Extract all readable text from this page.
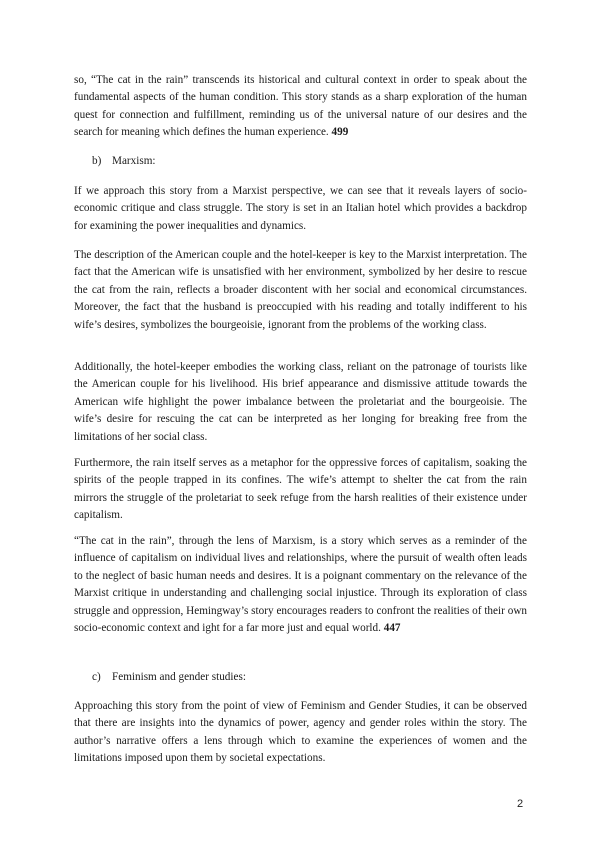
so, “The cat in the rain” transcends its historical and cultural context in order to speak about the fundamental aspects of the human condition. This story stands as a sharp exploration of the human quest for connection and fulfillment, reminding us of the universal nature of our desires and the search for meaning which defines the human experience. 499

b) Marxism:

If we approach this story from a Marxist perspective, we can see that it reveals layers of socio-economic critique and class struggle. The story is set in an Italian hotel which provides a backdrop for examining the power inequalities and dynamics.

The description of the American couple and the hotel-keeper is key to the Marxist interpretation. The fact that the American wife is unsatisfied with her environment, symbolized by her desire to rescue the cat from the rain, reflects a broader discontent with her social and economical circumstances. Moreover, the fact that the husband is preoccupied with his reading and totally indifferent to his wife’s desires, symbolizes the bourgeoisie, ignorant from the problems of the working class.

Additionally, the hotel-keeper embodies the working class, reliant on the patronage of tourists like the American couple for his livelihood. His brief appearance and dismissive attitude towards the American wife highlight the power imbalance between the proletariat and the bourgeoisie. The wife’s desire for rescuing the cat can be interpreted as her longing for breaking free from the limitations of her social class.

Furthermore, the rain itself serves as a metaphor for the oppressive forces of capitalism, soaking the spirits of the people trapped in its confines. The wife’s attempt to shelter the cat from the rain mirrors the struggle of the proletariat to seek refuge from the harsh realities of their existence under capitalism.

“The cat in the rain”, through the lens of Marxism, is a story which serves as a reminder of the influence of capitalism on individual lives and relationships, where the pursuit of wealth often leads to the neglect of basic human needs and desires. It is a poignant commentary on the relevance of the Marxist critique in understanding and challenging social injustice. Through its exploration of class struggle and oppression, Hemingway’s story encourages readers to confront the realities of their own socio-economic context and ight for a far more just and equal world. 447

c) Feminism and gender studies:

Approaching this story from the point of view of Feminism and Gender Studies, it can be observed that there are insights into the dynamics of power, agency and gender roles within the story. The author’s narrative offers a lens through which to examine the experiences of women and the limitations imposed upon them by societal expectations.

2
